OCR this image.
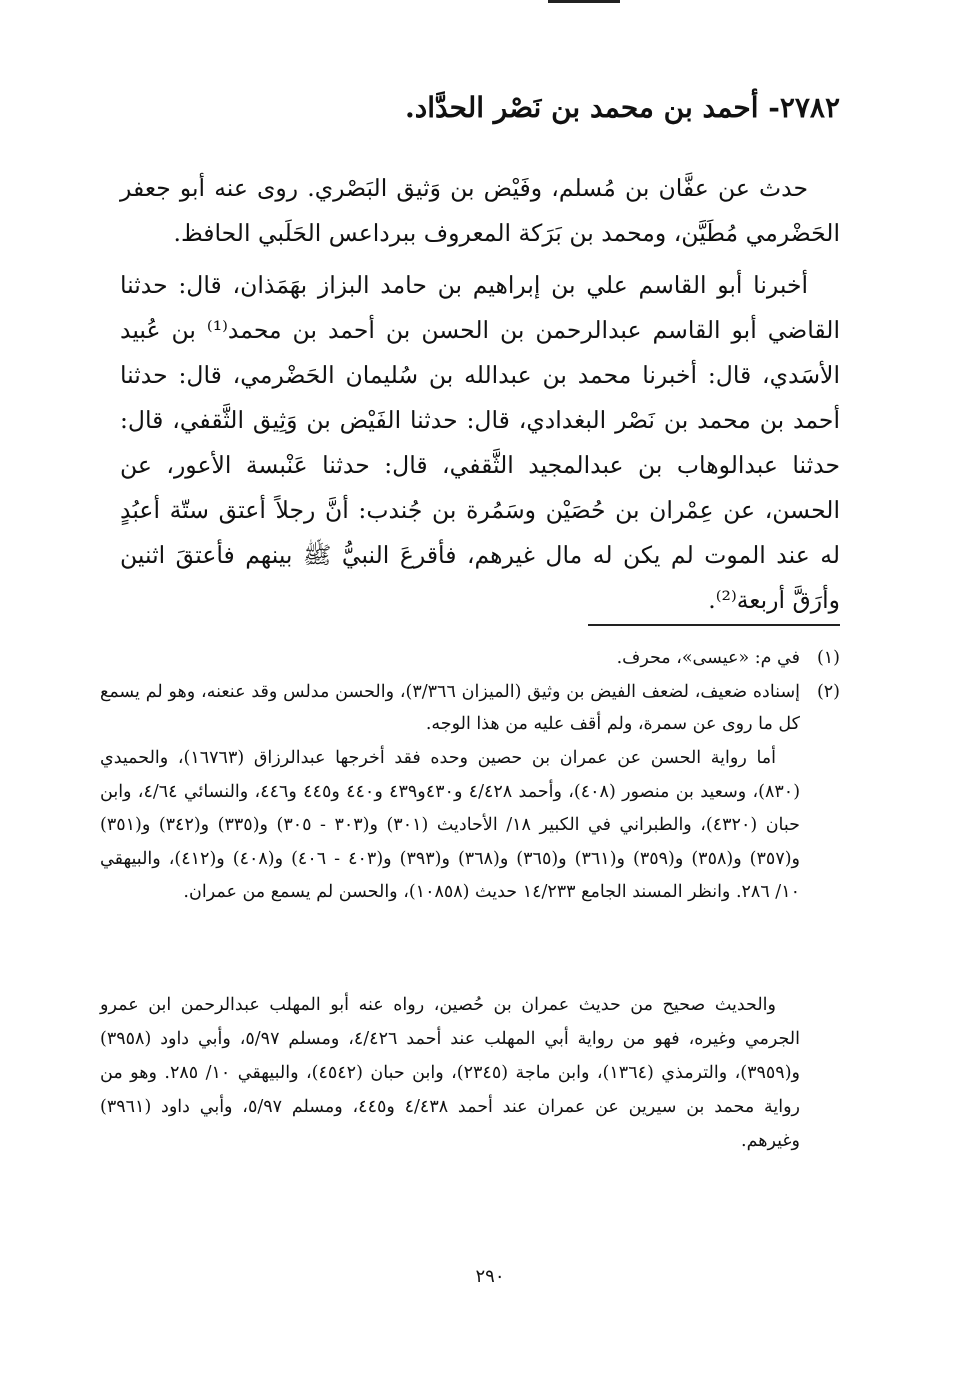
٢٧٨٢- أحمد بن محمد بن نَصْر الحدَّاد.

حدث عن عفَّان بن مُسلم، وفَيْض بن وَثيق البَصْري. روى عنه أبو جعفر الحَضْرمي مُطَيَّن، ومحمد بن بَرَكة المعروف ببرداعس الحَلَبي الحافظ.

أخبرنا أبو القاسم علي بن إبراهيم بن حامد البزاز بهَمَذان، قال: حدثنا القاضي أبو القاسم عبدالرحمن بن الحسن بن أحمد بن محمد⁽¹⁾ بن عُبيد الأسَدي، قال: أخبرنا محمد بن عبدالله بن سُليمان الحَضْرمي، قال: حدثنا أحمد بن محمد بن نَصْر البغدادي، قال: حدثنا الفَيْض بن وَثِيق الثَّقفي، قال: حدثنا عبدالوهاب بن عبدالمجيد الثَّقفي، قال: حدثنا عَنْبسة الأعور، عن الحسن، عن عِمْران بن حُصَيْن وسَمُرة بن جُندب: أنَّ رجلاً أعتق ستّة أعبُدٍ له عند الموت لم يكن له مال غيرهم، فأقرعَ النبيُّ ﷺ بينهم فأعتقَ اثنين وأرَقَّ أربعة⁽²⁾.

(١)

في م: «عيسى»، محرف.

(٢)

إسناده ضعيف، لضعف الفيض بن وثيق (الميزان ٣/٣٦٦)، والحسن مدلس وقد عنعنه، وهو لم يسمع كل ما روى عن سمرة، ولم أقف عليه من هذا الوجه.

أما رواية الحسن عن عمران بن حصين وحده فقد أخرجها عبدالرزاق (١٦٧٦٣)، والحميدي (٨٣٠)، وسعيد بن منصور (٤٠٨)، وأحمد ٤/٤٢٨ و٤٣٠و٤٣٩ و٤٤٠ و٤٤٥ و٤٤٦، والنسائي ٤/٦٤، وابن حبان (٤٣٢٠)، والطبراني في الكبير ١٨/ الأحاديث (٣٠١) و(٣٠٣ - ٣٠٥) و(٣٣٥) و(٣٤٢) و(٣٥١) و(٣٥٧) و(٣٥٨) و(٣٥٩) و(٣٦١) و(٣٦٥) و(٣٦٨) و(٣٩٣) و(٤٠٣ - ٤٠٦) و(٤٠٨) و(٤١٢)، والبيهقي ١٠/ ٢٨٦. وانظر المسند الجامع ١٤/٢٣٣ حديث (١٠٨٥٨)، والحسن لم يسمع من عمران.

والحديث صحيح من حديث عمران بن حُصين، رواه عنه أبو المهلب عبدالرحمن ابن عمرو الجرمي وغيره، فهو من رواية أبي المهلب عند أحمد ٤/٤٢٦، ومسلم ٥/٩٧، وأبي داود (٣٩٥٨) و(٣٩٥٩)، والترمذي (١٣٦٤)، وابن ماجة (٢٣٤٥)، وابن حبان (٤٥٤٢)، والبيهقي ١٠/ ٢٨٥. وهو من رواية محمد بن سيرين عن عمران عند أحمد ٤/٤٣٨ و٤٤٥، ومسلم ٥/٩٧، وأبي داود (٣٩٦١) وغيرهم.

٢٩٠
